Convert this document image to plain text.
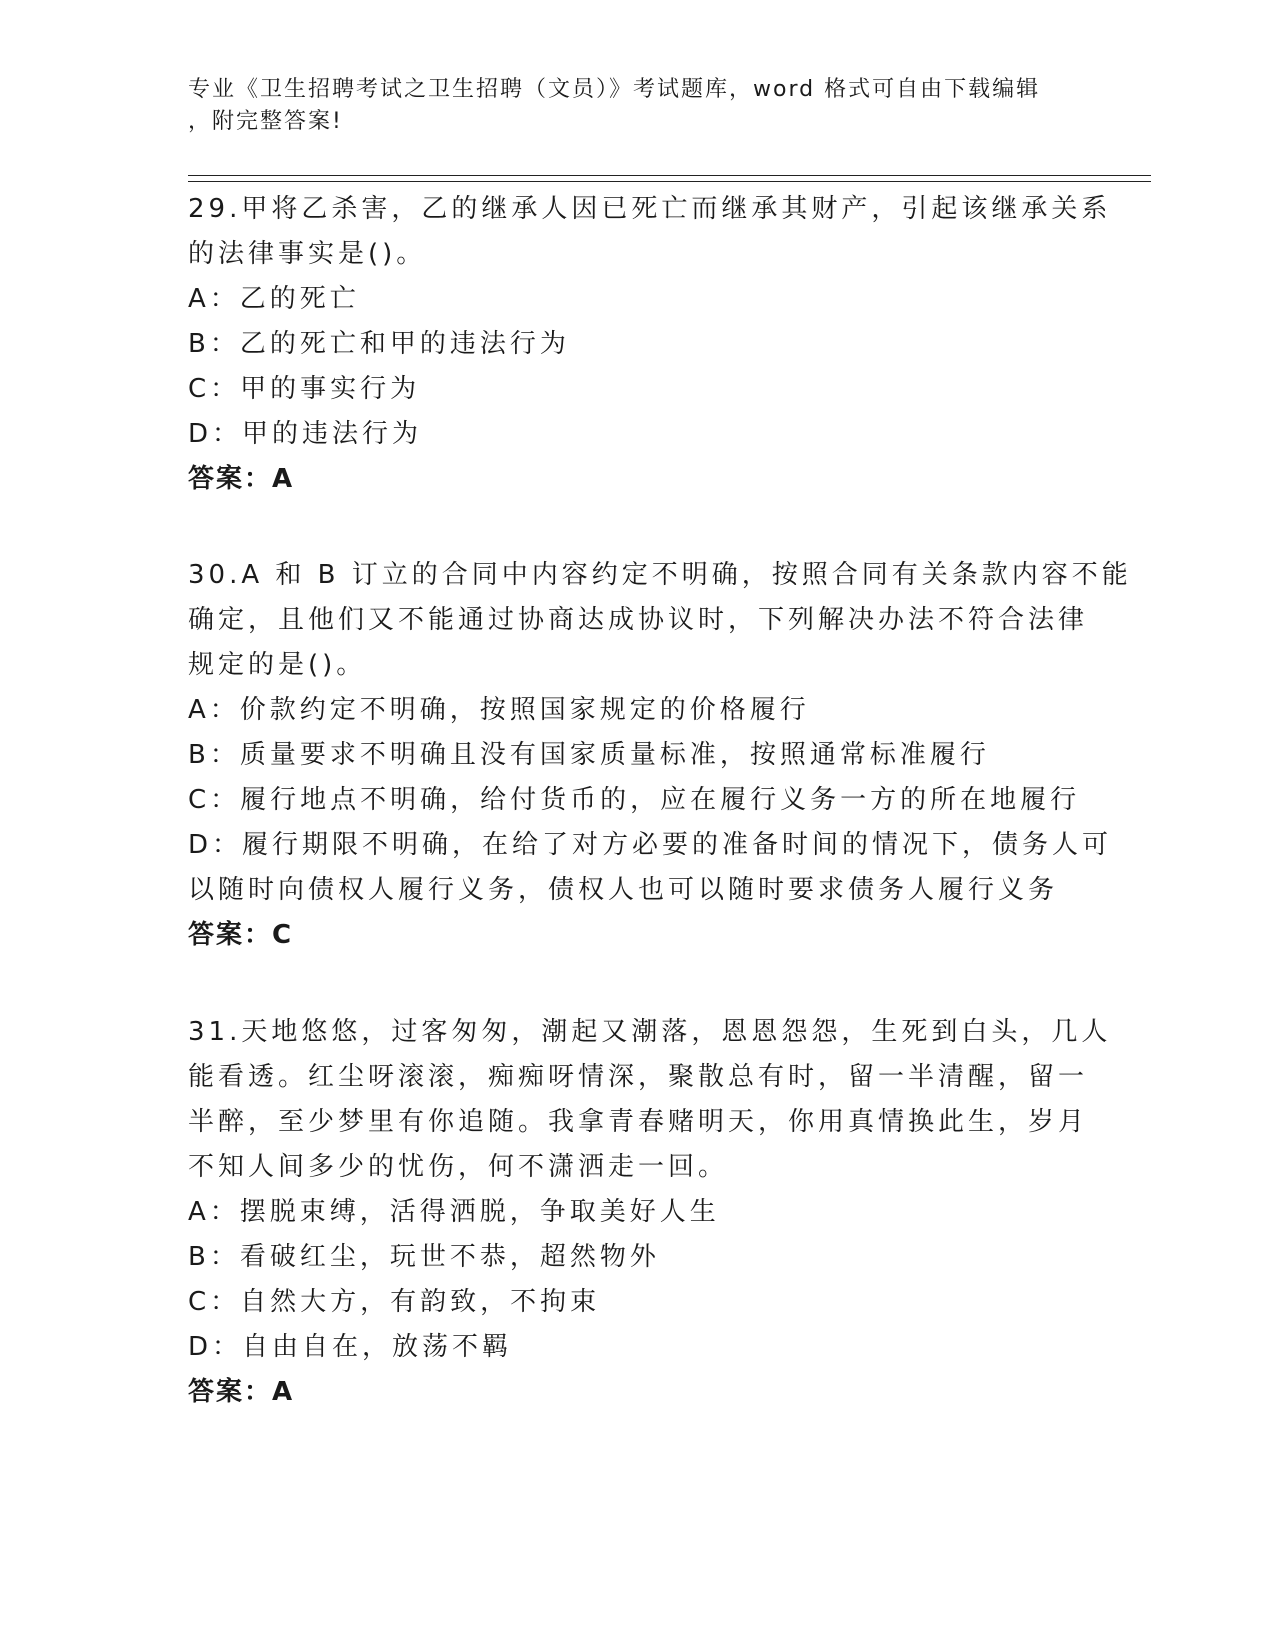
专业《卫生招聘考试之卫生招聘（文员）》考试题库，word 格式可自由下载编辑
，附完整答案!
29.甲将乙杀害，乙的继承人因已死亡而继承其财产，引起该继承关系
的法律事实是()。
A：乙的死亡
B：乙的死亡和甲的违法行为
C：甲的事实行为
D：甲的违法行为
答案：A
30.A 和 B 订立的合同中内容约定不明确，按照合同有关条款内容不能
确定，且他们又不能通过协商达成协议时，下列解决办法不符合法律
规定的是()。
A：价款约定不明确，按照国家规定的价格履行
B：质量要求不明确且没有国家质量标准，按照通常标准履行
C：履行地点不明确，给付货币的，应在履行义务一方的所在地履行
D：履行期限不明确，在给了对方必要的准备时间的情况下，债务人可
以随时向债权人履行义务，债权人也可以随时要求债务人履行义务
答案：C
31.天地悠悠，过客匆匆，潮起又潮落，恩恩怨怨，生死到白头，几人
能看透。红尘呀滚滚，痴痴呀情深，聚散总有时，留一半清醒，留一
半醉，至少梦里有你追随。我拿青春赌明天，你用真情换此生，岁月
不知人间多少的忧伤，何不潇洒走一回。
A：摆脱束缚，活得洒脱，争取美好人生
B：看破红尘，玩世不恭，超然物外
C：自然大方，有韵致，不拘束
D：自由自在，放荡不羁
答案：A
